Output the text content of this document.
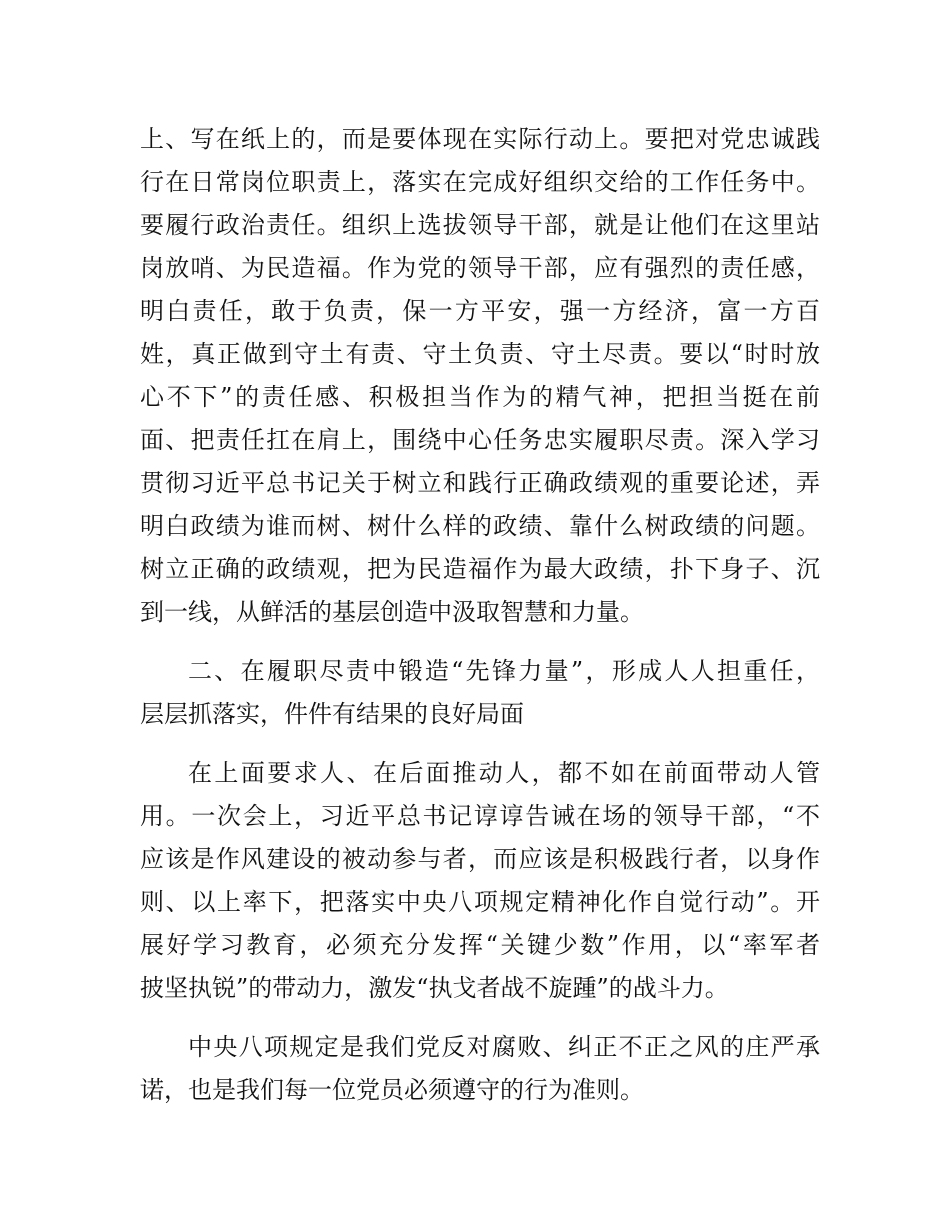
上、写在纸上的，而是要体现在实际行动上。要把对党忠诚践
行在日常岗位职责上，落实在完成好组织交给的工作任务中。
要履行政治责任。组织上选拔领导干部，就是让他们在这里站
岗放哨、为民造福。作为党的领导干部，应有强烈的责任感，
明白责任，敢于负责，保一方平安，强一方经济，富一方百
姓，真正做到守土有责、守土负责、守土尽责。要以“时时放
心不下”的责任感、积极担当作为的精气神，把担当挺在前
面、把责任扛在肩上，围绕中心任务忠实履职尽责。深入学习
贯彻习近平总书记关于树立和践行正确政绩观的重要论述，弄
明白政绩为谁而树、树什么样的政绩、靠什么树政绩的问题。
树立正确的政绩观，把为民造福作为最大政绩，扑下身子、沉
到一线，从鲜活的基层创造中汲取智慧和力量。
二、在履职尽责中锻造“先锋力量”，形成人人担重任，
层层抓落实，件件有结果的良好局面
在上面要求人、在后面推动人，都不如在前面带动人管
用。一次会上，习近平总书记谆谆告诫在场的领导干部，“不
应该是作风建设的被动参与者，而应该是积极践行者，以身作
则、以上率下，把落实中央八项规定精神化作自觉行动”。开
展好学习教育，必须充分发挥“关键少数”作用，以“率军者
披坚执锐”的带动力，激发“执戈者战不旋踵”的战斗力。
中央八项规定是我们党反对腐败、纠正不正之风的庄严承
诺，也是我们每一位党员必须遵守的行为准则。
